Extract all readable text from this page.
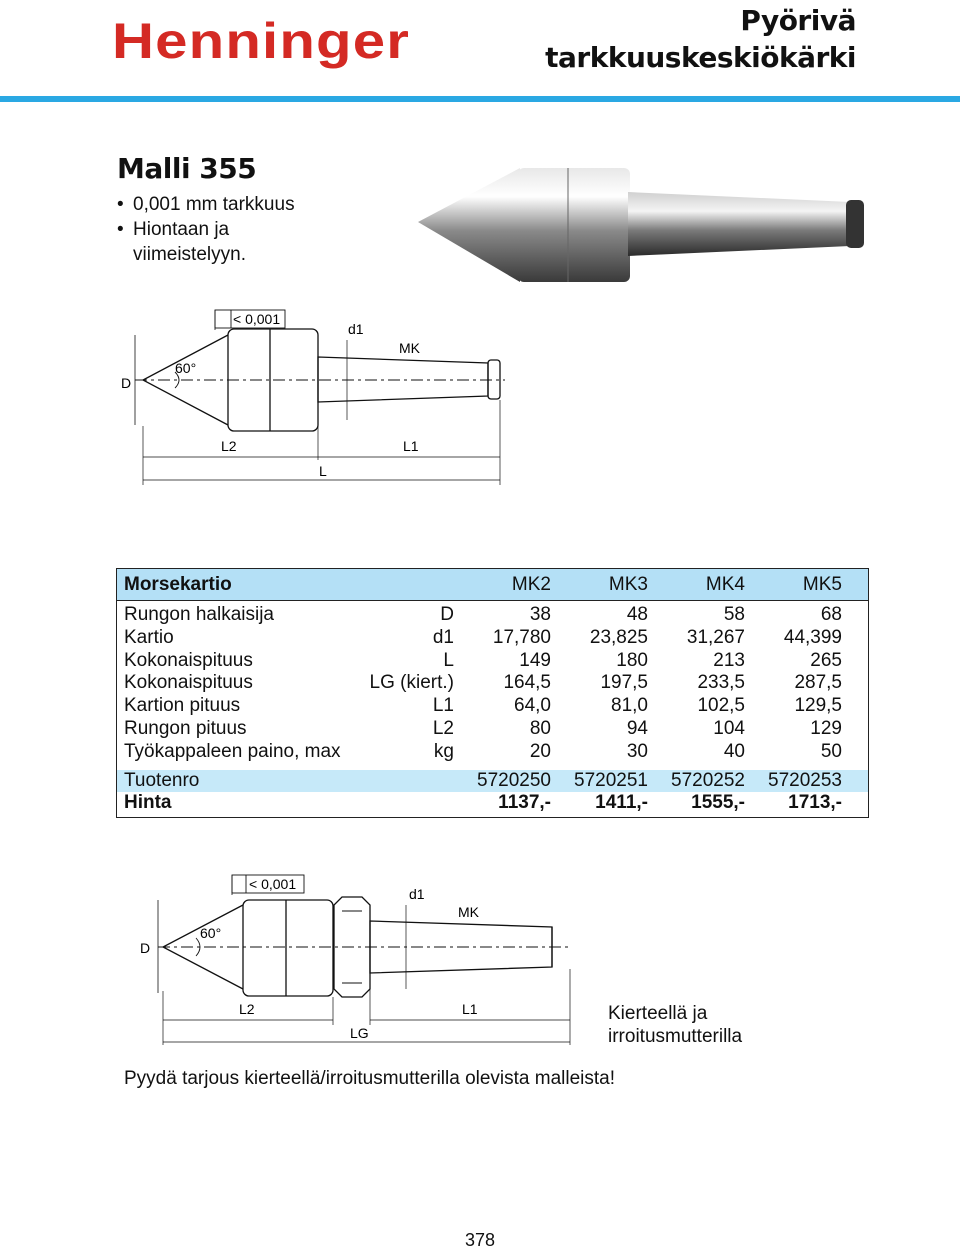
Henninger	Pyörivä
tarkkuuskeskiökärki
Malli 355
• 0,001 mm tarkkuus
• Hiontaan ja
viimeistelyyn.
60°
D
< 0,001
d1
MK
L2	L1
L
Morsekartio	MK2	MK3	MK4	MK5
Rungon halkaisija	D	38	48	58	68
Kartio	d1	17,780	23,825	31,267	44,399
Kokonaispituus	L	149	180	213	265
Kokonaispituus	LG (kiert.)	164,5	197,5	233,5	287,5
Kartion pituus	L1	64,0	81,0	102,5	129,5
Rungon pituus	L2	80	94	104	129
Työkappaleen paino, max	kg	20	30	40	50
Tuotenro	5720250	5720251	5720252	5720253
Hinta	1137,-	1411,-	1555,-	1713,-
60°
D
< 0,001
d1
MK
L2	L1
LG
Kierteellä ja
irroitusmutterilla
Pyydä tarjous kierteellä/irroitusmutterilla olevista malleista!
378
